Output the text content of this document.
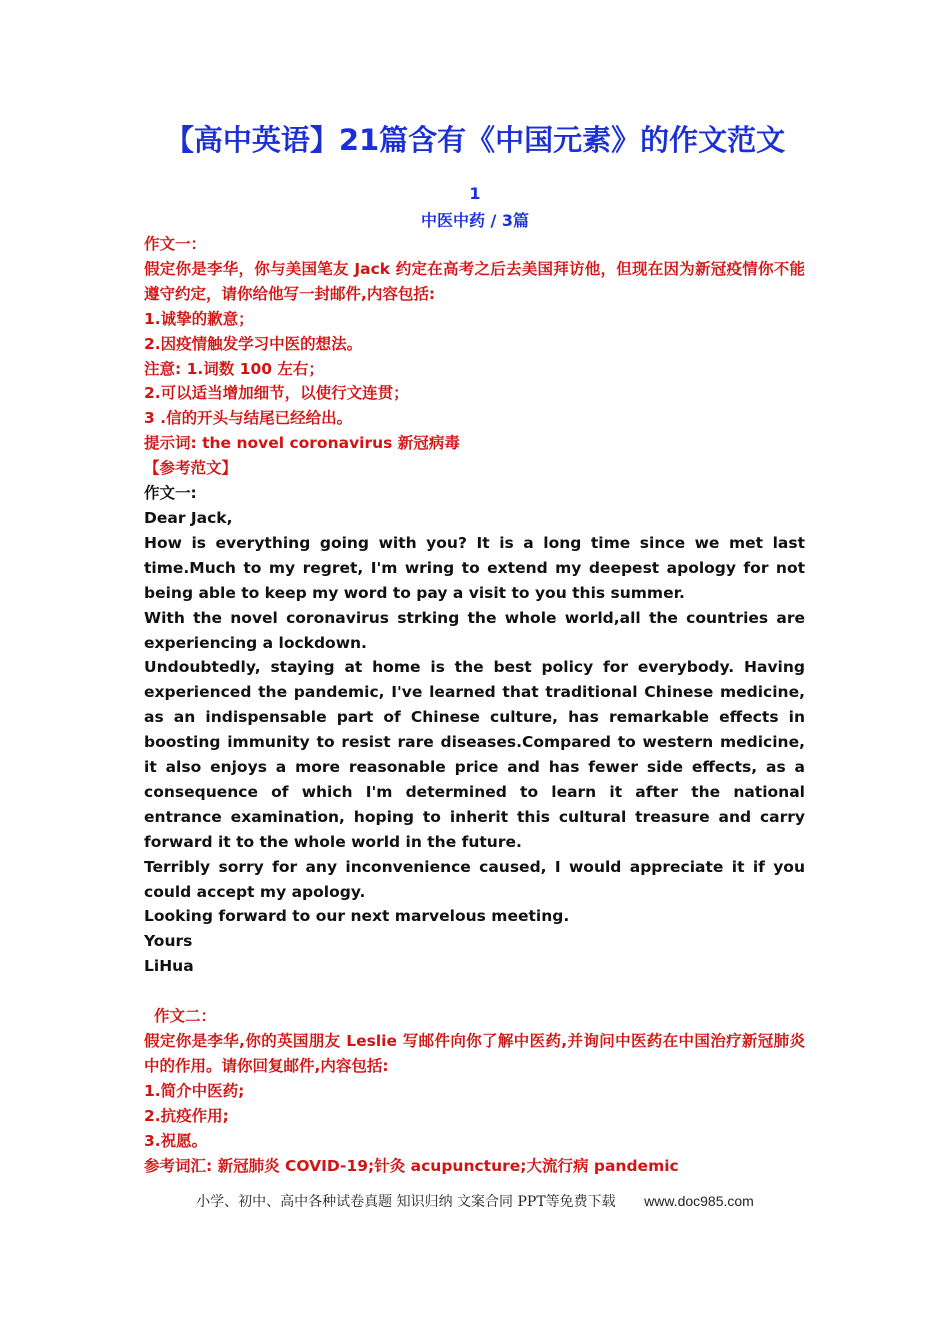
【高中英语】21篇含有《中国元素》的作文范文
1
中医中药 / 3篇

作文一：

假定你是李华，你与美国笔友 Jack 约定在高考之后去美国拜访他，但现在因为新冠疫情你不能遵守约定，请你给他写一封邮件,内容包括:

1.诚挚的歉意；

2.因疫情触发学习中医的想法。

注意: 1.词数 100 左右；

2.可以适当增加细节，以使行文连贯；

3 .信的开头与结尾已经给出。

提示词: the novel coronavirus 新冠病毒

【参考范文】

作文一:

Dear Jack,

How is everything going with you? It is a long time since we met last time.Much to my regret, I'm wring to extend my deepest apology for not being able to keep my word to pay a visit to you this summer.

With the novel coronavirus strking the whole world,all the countries are experiencing a lockdown.

Undoubtedly, staying at home is the best policy for everybody. Having experienced the pandemic, I've learned that traditional Chinese medicine, as an indispensable part of Chinese culture, has remarkable effects in boosting immunity to resist rare diseases.Compared to western medicine, it also enjoys a more reasonable price and has fewer side effects, as a consequence of which I'm determined to learn it after the national entrance examination, hoping to inherit this cultural treasure and carry forward it to the whole world in the future.

Terribly sorry for any inconvenience caused, I would appreciate it if you could accept my apology.

Looking forward to our next marvelous meeting.

Yours

LiHua

作文二：

假定你是李华,你的英国朋友 Leslie 写邮件向你了解中医药,并询问中医药在中国治疗新冠肺炎中的作用。请你回复邮件,内容包括:

1.简介中医药;

2.抗疫作用;

3.祝愿。

参考词汇: 新冠肺炎 COVID-19;针灸 acupuncture;大流行病 pandemic

小学、初中、高中各种试卷真题 知识归纳 文案合同 PPT等免费下载 www.doc985.com
